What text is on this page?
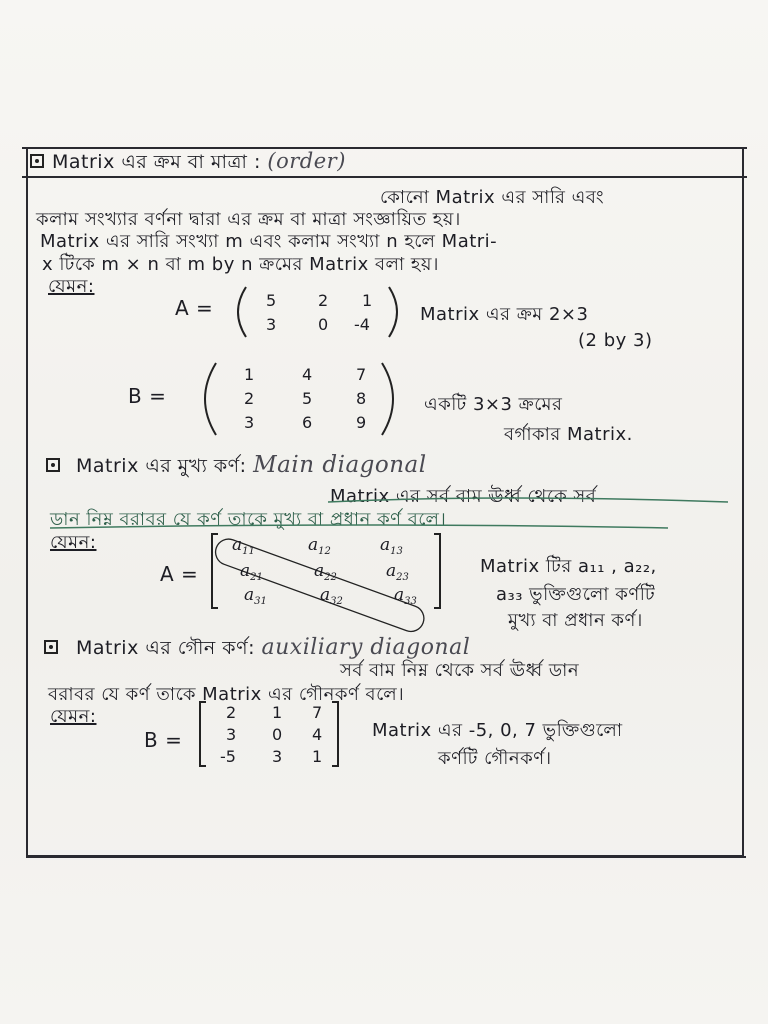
Matrix এর ক্রম বা মাত্রা : (order)
কোনো Matrix এর সারি এবং
কলাম সংখ্যার বর্ণনা দ্বারা এর ক্রম বা মাত্রা সংজ্ঞায়িত হয়।
Matrix এর সারি সংখ্যা m এবং কলাম সংখ্যা n হলে Matri-
x টিকে m × n বা m by n ক্রমের Matrix বলা হয়।
যেমন:
A =	5	2 1
3	0 -4	Matrix এর ক্রম 2×3
(2 by 3)
B =
1	4	7
2	5	8
3	6	9
একটি 3×3 ক্রমের
বর্গাকার Matrix.
Matrix এর মুখ্য কর্ণ: Main diagonal
Matrix এর সর্ব বাম ঊর্ধ্ব থেকে সর্ব
ডান নিম্ন বরাবর যে কর্ণ তাকে মুখ্য বা প্রধান কর্ণ বলে।
যেমন:
A =
$a_{11}$	$a_{12}$	$a_{13}$
$a_{21}$	$a_{22}$	$a_{23}$
$a_{31}$	$a_{32}$	$a_{33}$
Matrix টির a₁₁ , a₂₂,
a₃₃ ভুক্তিগুলো কর্ণটি
মুখ্য বা প্রধান কর্ণ।
Matrix এর গৌন কর্ণ: auxiliary diagonal
সর্ব বাম নিম্ন থেকে সর্ব ঊর্ধ্ব ডান
বরাবর যে কর্ণ তাকে Matrix এর গৌনকর্ণ বলে।
যেমন:
B =
2 1 7
3 0 4
-5 3 1
Matrix এর -5, 0, 7 ভুক্তিগুলো
কর্ণটি গৌনকর্ণ।
